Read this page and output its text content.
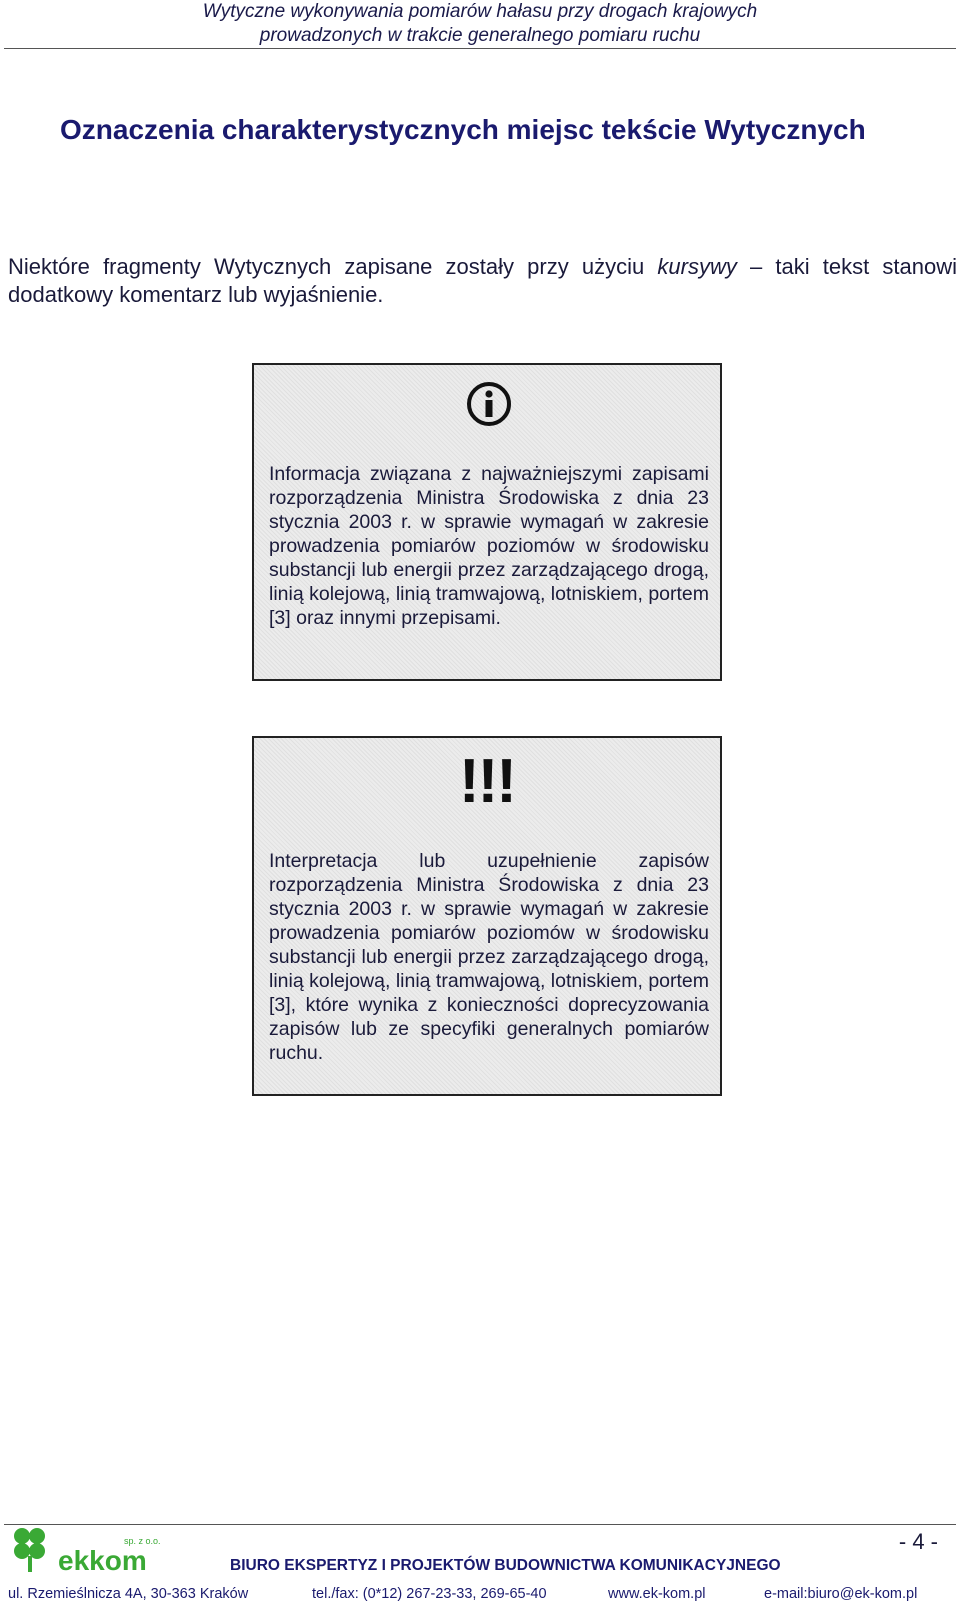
Wytyczne wykonywania pomiarów hałasu przy drogach krajowych
prowadzonych w trakcie generalnego pomiaru ruchu
Oznaczenia charakterystycznych miejsc tekście Wytycznych

Niektóre fragmenty Wytycznych zapisane zostały przy użyciu kursywy – taki tekst stanowi dodatkowy komentarz lub wyjaśnienie.

Informacja związana z najważniejszymi zapisami rozporządzenia Ministra Środowiska z dnia 23 stycznia 2003 r. w sprawie wymagań w zakresie prowadzenia pomiarów poziomów w środowisku substancji lub energii przez zarządzającego drogą, linią kolejową, linią tramwajową, lotniskiem, portem [3] oraz innymi przepisami.
!!!
Interpretacja lub uzupełnienie zapisów rozporządzenia Ministra Środowiska z dnia 23 stycznia 2003 r. w sprawie wymagań w zakresie prowadzenia pomiarów poziomów w środowisku substancji lub energii przez zarządzającego drogą, linią kolejową, linią tramwajową, lotniskiem, portem [3], które wynika z konieczności doprecyzowania zapisów lub ze specyfiki generalnych pomiarów ruchu.
- 4 -
ekkom
sp. z o.o.
BIURO EKSPERTYZ I PROJEKTÓW BUDOWNICTWA KOMUNIKACYJNEGO
ul. Rzemieślnicza 4A, 30-363 Kraków	tel./fax: (0*12) 267-23-33, 269-65-40	www.ek-kom.pl	e-mail:biuro@ek-kom.pl
